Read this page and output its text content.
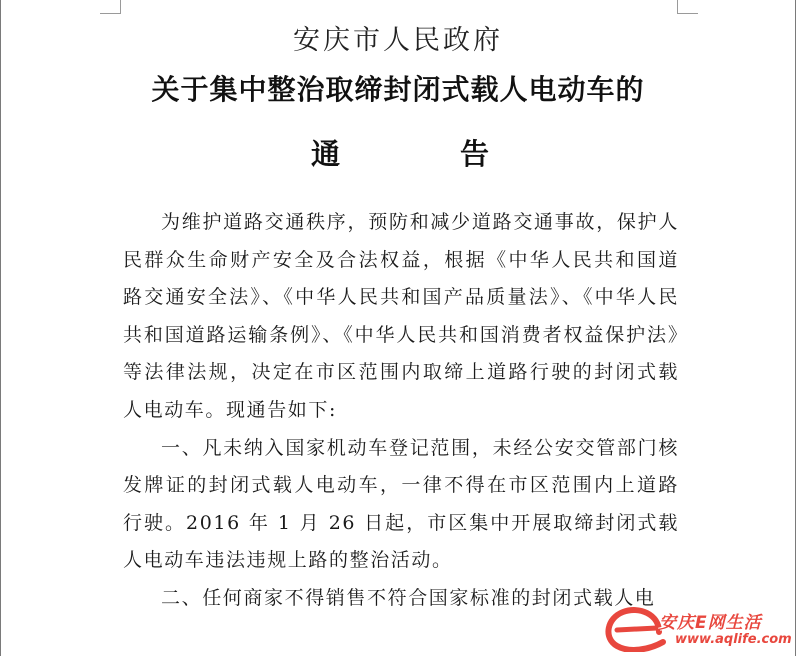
安庆市人民政府
关于集中整治取缔封闭式载人电动车的
通	告

为维护道路交通秩序，预防和减少道路交通事故，保护人民群众生命财产安全及合法权益，根据《中华人民共和国道路交通安全法》、《中华人民共和国产品质量法》、《中华人民共和国道路运输条例》、《中华人民共和国消费者权益保护法》等法律法规，决定在市区范围内取缔上道路行驶的封闭式载人电动车。现通告如下:

一、凡未纳入国家机动车登记范围，未经公安交管部门核发牌证的封闭式载人电动车，一律不得在市区范围内上道路行驶。2016 年 1 月 26 日起，市区集中开展取缔封闭式载人电动车违法违规上路的整治活动。

二、任何商家不得销售不符合国家标准的封闭式载人电

安庆E网生活
www.aqlife.com
